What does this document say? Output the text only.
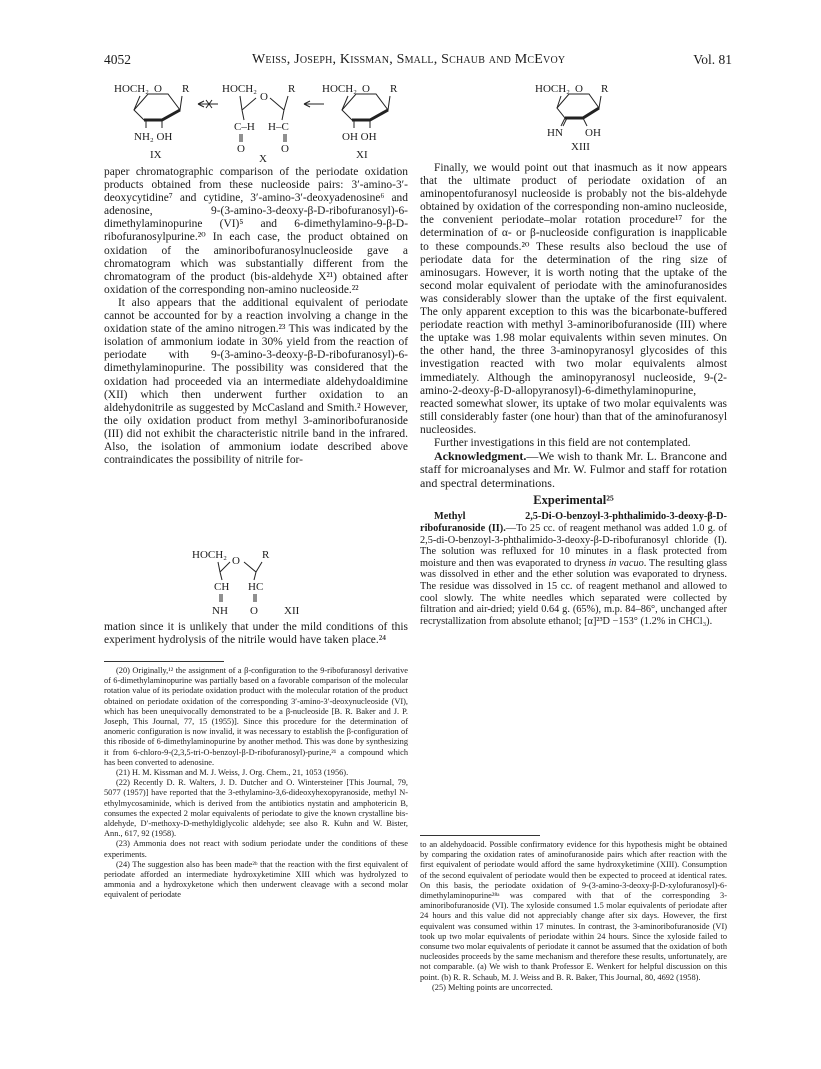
4052	Weiss, Joseph, Kissman, Small, Schaub and McEvoy	Vol. 81
HOCH₂ O R
NH₂ OH
IX
HOCH₂
O
R
C–H H–C
O	O
X
HOCH₂ O R
OH OH
XI
HOCH₂ O R
HN OH
XIII

paper chromatographic comparison of the periodate oxidation products obtained from these nucleoside pairs: 3′-amino-3′-deoxycytidine⁷ and cytidine, 3′-amino-3′-deoxyadenosine⁶ and adenosine, 9-(3-amino-3-deoxy-β-D-ribofuranosyl)-6-dimethylaminopurine (VI)⁵ and 6-dimethylamino-9-β-D-ribofuranosylpurine.²⁰ In each case, the product obtained on oxidation of the aminoribofuranosylnucleoside gave a chromatogram which was substantially different from the chromatogram of the product (bis-aldehyde X²¹) obtained after oxidation of the corresponding non-amino nucleoside.²²

It also appears that the additional equivalent of periodate cannot be accounted for by a reaction involving a change in the oxidation state of the amino nitrogen.²³ This was indicated by the isolation of ammonium iodate in 30% yield from the reaction of periodate with 9-(3-amino-3-deoxy-β-D-ribofuranosyl)-6-dimethylaminopurine. The possibility was considered that the oxidation had proceeded via an intermediate aldehydoaldimine (XII) which then underwent further oxidation to an aldehydonitrile as suggested by McCasland and Smith.² However, the oily oxidation product from methyl 3-aminoribofuranoside (III) did not exhibit the characteristic nitrile band in the infrared. Also, the isolation of ammonium iodate described above contraindicates the possibility of nitrile for-

HOCH₂ O R
CH HC
NH O XII

mation since it is unlikely that under the mild conditions of this experiment hydrolysis of the nitrile would have taken place.²⁴

Finally, we would point out that inasmuch as it now appears that the ultimate product of periodate oxidation of an aminopentofuranosyl nucleoside is probably not the bis-aldehyde obtained by oxidation of the corresponding non-amino nucleoside, the convenient periodate–molar rotation procedure¹⁷ for the determination of α- or β-nucleoside configuration is inapplicable to these compounds.²⁰ These results also becloud the use of periodate data for the determination of the ring size of aminosugars. However, it is worth noting that the uptake of the second molar equivalent of periodate with the aminofuranosides was considerably slower than the uptake of the first equivalent. The only apparent exception to this was the bicarbonate-buffered periodate reaction with methyl 3-aminoribofuranoside (III) where the uptake was 1.98 molar equivalents within seven minutes. On the other hand, the three 3-aminopyranosyl glycosides of this investigation reacted with two molar equivalents almost immediately. Although the aminopyranosyl nucleoside, 9-(2-amino-2-deoxy-β-D-allopyranosyl)-6-dimethylaminopurine, reacted somewhat slower, its uptake of two molar equivalents was still considerably faster (one hour) than that of the aminofuranosyl nucleosides.

Further investigations in this field are not contemplated.

Acknowledgment.—We wish to thank Mr. L. Brancone and staff for microanalyses and Mr. W. Fulmor and staff for rotation and spectral determinations.

Experimental²⁵

Methyl 2,5-Di-O-benzoyl-3-phthalimido-3-deoxy-β-D-ribofuranoside (II).—To 25 cc. of reagent methanol was added 1.0 g. of 2,5-di-O-benzoyl-3-phthalimido-3-deoxy-β-D-ribofuranosyl chloride (I). The solution was refluxed for 10 minutes in a flask protected from moisture and then was evaporated to dryness in vacuo. The resulting glass was dissolved in ether and the ether solution was evaporated to dryness. The residue was dissolved in 15 cc. of reagent methanol and allowed to cool slowly. The white needles which separated were collected by filtration and air-dried; yield 0.64 g. (65%), m.p. 84–86°, unchanged after recrystallization from absolute ethanol; [α]²³D −153° (1.2% in CHCl₃).

(20) Originally,¹² the assignment of a β-configuration to the 9-ribofuranosyl derivative of 6-dimethylaminopurine was partially based on a favorable comparison of the molecular rotation value of its periodate oxidation product with the molecular rotation of the product obtained on periodate oxidation of the corresponding 3′-amino-3′-deoxynucleoside (VI), which has been unequivocally demonstrated to be a β-nucleoside [B. R. Baker and J. P. Joseph, This Journal, 77, 15 (1955)]. Since this procedure for the determination of anomeric configuration is now invalid, it was necessary to establish the β-configuration of this riboside of 6-dimethylaminopurine by another method. This was done by synthesizing it from 6-chloro-9-(2,3,5-tri-O-benzoyl-β-D-ribofuranosyl)-purine,²¹ a compound which has been converted to adenosine.

(21) H. M. Kissman and M. J. Weiss, J. Org. Chem., 21, 1053 (1956).

(22) Recently D. R. Walters, J. D. Dutcher and O. Wintersteiner [This Journal, 79, 5077 (1957)] have reported that the 3-ethylamino-3,6-dideoxyhexopyranoside, methyl N-ethylmycosaminide, which is derived from the antibiotics nystatin and amphotericin B, consumes the expected 2 molar equivalents of periodate to give the known crystalline bis-aldehyde, D′-methoxy-D-methyldiglycolic aldehyde; see also R. Kuhn and W. Bister, Ann., 617, 92 (1958).

(23) Ammonia does not react with sodium periodate under the conditions of these experiments.

(24) The suggestion also has been made²ᵇ that the reaction with the first equivalent of periodate afforded an intermediate hydroxyketimine XIII which was hydrolyzed to ammonia and a hydroxyketone which then underwent cleavage with a second molar equivalent of periodate

to an aldehydoacid. Possible confirmatory evidence for this hypothesis might be obtained by comparing the oxidation rates of aminofuranoside pairs which after reaction with the first equivalent of periodate would afford the same hydroxyketimine (XIII). Consumption of the second equivalent of periodate would then be expected to proceed at identical rates. On this basis, the periodate oxidation of 9-(3-amino-3-deoxy-β-D-xylofuranosyl)-6-dimethylaminopurine²⁸ᵃ was compared with that of the corresponding 3-aminoribofuranoside (VI). The xyloside consumed 1.5 molar equivalents of periodate after 24 hours and this value did not appreciably change after six days. However, the first equivalent was consumed within 17 minutes. In contrast, the 3-aminoribofuranoside (VI) took up two molar equivalents of periodate within 24 hours. Since the xyloside failed to consume two molar equivalents of periodate it cannot be assumed that the oxidation of both nucleosides proceeds by the same mechanism and therefore these results, unfortunately, are not comparable. (a) We wish to thank Professor E. Wenkert for helpful discussion on this point. (b) R. R. Schaub, M. J. Weiss and B. R. Baker, This Journal, 80, 4692 (1958).

(25) Melting points are uncorrected.
